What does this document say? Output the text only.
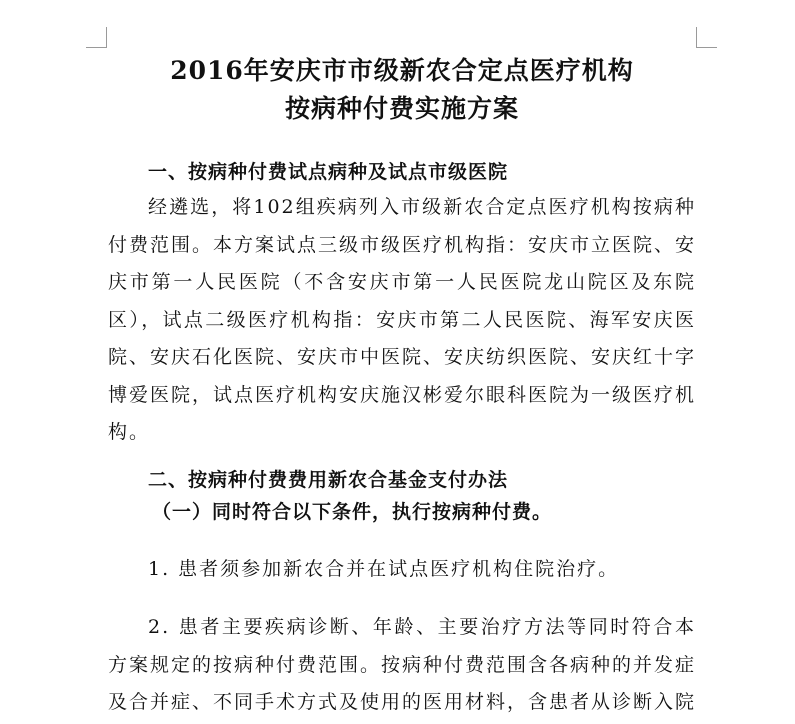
2016年安庆市市级新农合定点医疗机构

按病种付费实施方案

一、按病种付费试点病种及试点市级医院

经遴选，将102组疾病列入市级新农合定点医疗机构按病种付费范围。本方案试点三级市级医疗机构指：安庆市立医院、安庆市第一人民医院（不含安庆市第一人民医院龙山院区及东院区），试点二级医疗机构指：安庆市第二人民医院、海军安庆医院、安庆石化医院、安庆市中医院、安庆纺织医院、安庆红十字博爱医院，试点医疗机构安庆施汉彬爱尔眼科医院为一级医疗机构。

二、按病种付费费用新农合基金支付办法

（一）同时符合以下条件，执行按病种付费。

1. 患者须参加新农合并在试点医疗机构住院治疗。

2. 患者主要疾病诊断、年龄、主要治疗方法等同时符合本方案规定的按病种付费范围。按病种付费范围含各病种的并发症及合并症、不同手术方式及使用的医用材料，含患者从诊断入院
